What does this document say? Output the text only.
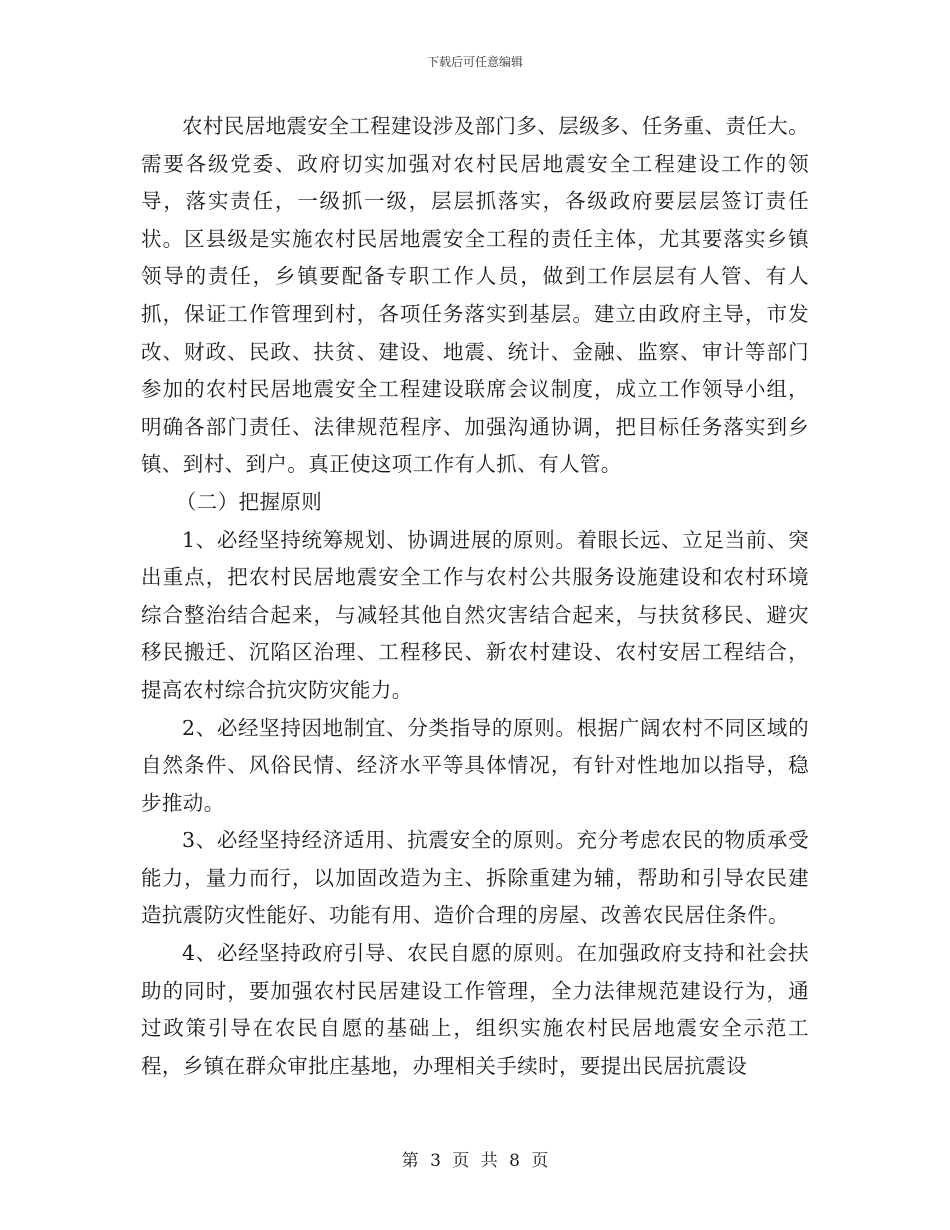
下载后可任意编辑

农村民居地震安全工程建设涉及部门多、层级多、任务重、责任大。需要各级党委、政府切实加强对农村民居地震安全工程建设工作的领导，落实责任，一级抓一级，层层抓落实，各级政府要层层签订责任状。区县级是实施农村民居地震安全工程的责任主体，尤其要落实乡镇领导的责任，乡镇要配备专职工作人员，做到工作层层有人管、有人抓，保证工作管理到村，各项任务落实到基层。建立由政府主导，市发改、财政、民政、扶贫、建设、地震、统计、金融、监察、审计等部门参加的农村民居地震安全工程建设联席会议制度，成立工作领导小组，明确各部门责任、法律规范程序、加强沟通协调，把目标任务落实到乡镇、到村、到户。真正使这项工作有人抓、有人管。

（二）把握原则

1、必经坚持统筹规划、协调进展的原则。着眼长远、立足当前、突出重点，把农村民居地震安全工作与农村公共服务设施建设和农村环境综合整治结合起来，与减轻其他自然灾害结合起来，与扶贫移民、避灾移民搬迁、沉陷区治理、工程移民、新农村建设、农村安居工程结合，提高农村综合抗灾防灾能力。

2、必经坚持因地制宜、分类指导的原则。根据广阔农村不同区域的自然条件、风俗民情、经济水平等具体情况，有针对性地加以指导，稳步推动。

3、必经坚持经济适用、抗震安全的原则。充分考虑农民的物质承受能力，量力而行，以加固改造为主、拆除重建为辅，帮助和引导农民建造抗震防灾性能好、功能有用、造价合理的房屋、改善农民居住条件。

4、必经坚持政府引导、农民自愿的原则。在加强政府支持和社会扶助的同时，要加强农村民居建设工作管理，全力法律规范建设行为，通过政策引导在农民自愿的基础上，组织实施农村民居地震安全示范工程，乡镇在群众审批庄基地，办理相关手续时，要提出民居抗震设

第 3 页 共 8 页
